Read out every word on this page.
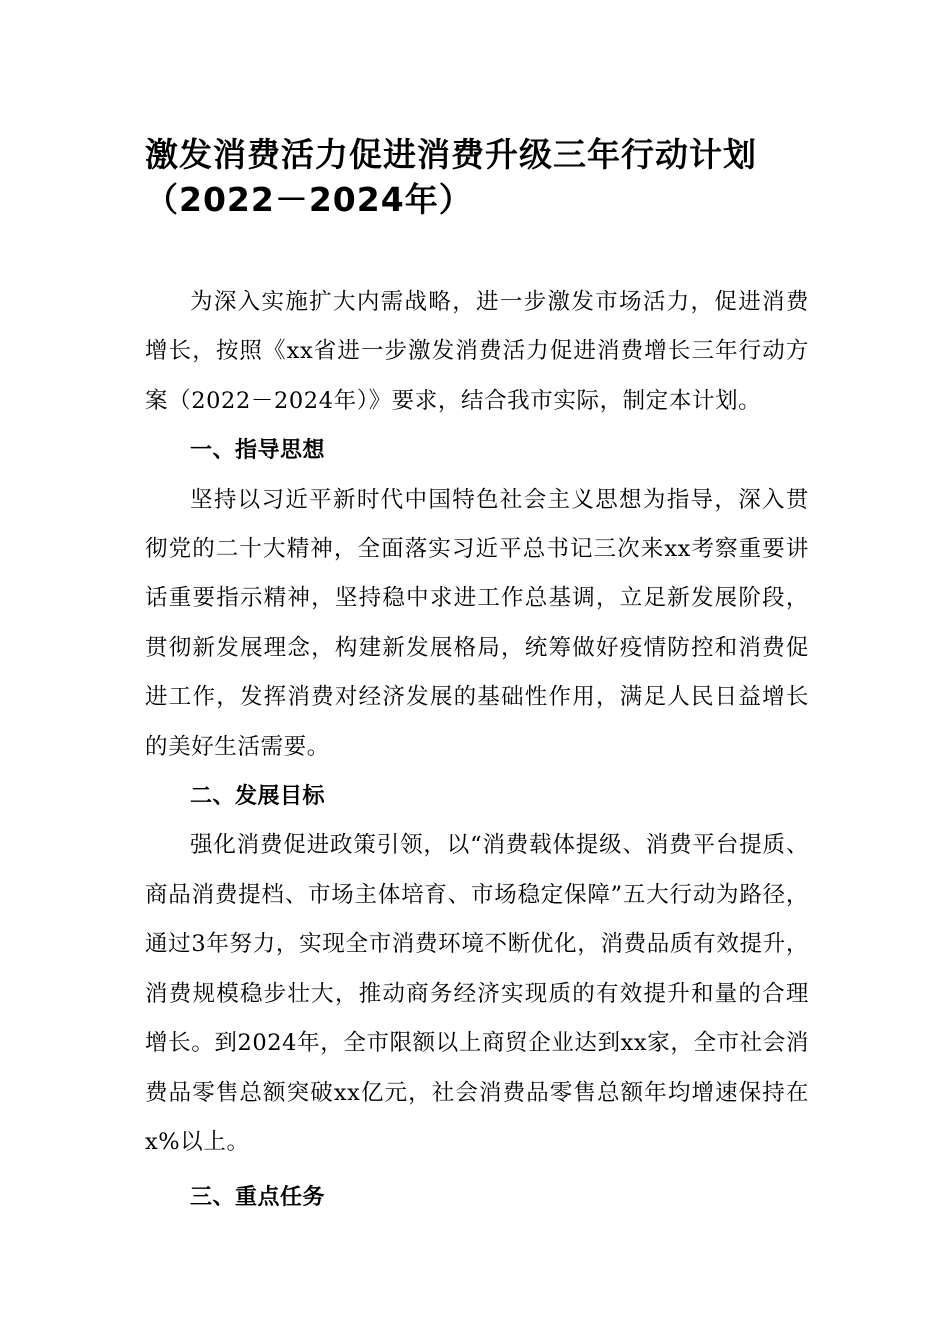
激发消费活力促进消费升级三年行动计划
（2022－2024年）

为深入实施扩大内需战略，进一步激发市场活力，促进消费增长，按照《xx省进一步激发消费活力促进消费增长三年行动方案（2022－2024年）》要求，结合我市实际，制定本计划。

一、指导思想

坚持以习近平新时代中国特色社会主义思想为指导，深入贯彻党的二十大精神，全面落实习近平总书记三次来xx考察重要讲话重要指示精神，坚持稳中求进工作总基调，立足新发展阶段，贯彻新发展理念，构建新发展格局，统筹做好疫情防控和消费促进工作，发挥消费对经济发展的基础性作用，满足人民日益增长的美好生活需要。

二、发展目标

强化消费促进政策引领，以“消费载体提级、消费平台提质、商品消费提档、市场主体培育、市场稳定保障”五大行动为路径，通过3年努力，实现全市消费环境不断优化，消费品质有效提升，消费规模稳步壮大，推动商务经济实现质的有效提升和量的合理增长。到2024年，全市限额以上商贸企业达到xx家，全市社会消费品零售总额突破xx亿元，社会消费品零售总额年均增速保持在x%以上。

三、重点任务
